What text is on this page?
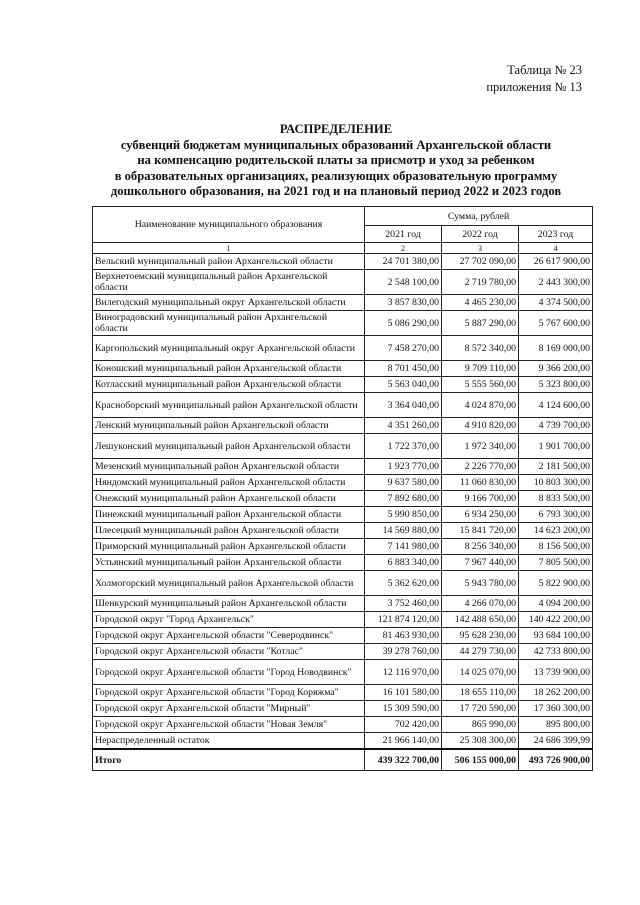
Таблица № 23
приложения № 13
РАСПРЕДЕЛЕНИЕ
субвенций бюджетам муниципальных образований Архангельской области
на компенсацию родительской платы за присмотр и уход за ребенком
в образовательных организациях, реализующих образовательную программу
дошкольного образования, на 2021 год и на плановый период 2022 и 2023 годов
Наименование муниципального образования	Сумма, рублей		
	2021 год	2022 год	2023 год
1	2	3	4
Вельский муниципальный район Архангельской области	24 701 380,00	27 702 090,00	26 617 900,00
Верхнетоемский муниципальный район Архангельской области	2 548 100,00	2 719 780,00	2 443 300,00
Вилегодский муниципальный округ Архангельской области	3 857 830,00	4 465 230,00	4 374 500,00
Виноградовский муниципальный район Архангельской области	5 086 290,00	5 887 290,00	5 767 600,00
Каргопольский муниципальный округ Архангельской области	7 458 270,00	8 572 340,00	8 169 000,00
Коношский муниципальный район Архангельской области	8 701 450,00	9 709 110,00	9 366 200,00
Котласский муниципальный район Архангельской области	5 563 040,00	5 555 560,00	5 323 800,00
Красноборский муниципальный район Архангельской области	3 364 040,00	4 024 870,00	4 124 600,00
Ленский муниципальный район Архангельской области	4 351 260,00	4 910 820,00	4 739 700,00
Лешуконский муниципальный район Архангельской области	1 722 370,00	1 972 340,00	1 901 700,00
Мезенский муниципальный район Архангельской области	1 923 770,00	2 226 770,00	2 181 500,00
Няндомский муниципальный район Архангельской области	9 637 580,00	11 060 830,00	10 803 300,00
Онежский муниципальный район Архангельской области	7 892 680,00	9 166 700,00	8 833 500,00
Пинежский муниципальный район Архангельской области	5 990 850,00	6 934 250,00	6 793 300,00
Плесецкий муниципальный район Архангельской области	14 569 880,00	15 841 720,00	14 623 200,00
Приморский муниципальный район Архангельской области	7 141 980,00	8 256 340,00	8 156 500,00
Устьянский муниципальный район Архангельской области	6 883 340,00	7 967 440,00	7 805 500,00
Холмогорский муниципальный район Архангельской области	5 362 620,00	5 943 780,00	5 822 900,00
Шенкурский муниципальный район Архангельской области	3 752 460,00	4 266 070,00	4 094 200,00
Городской округ "Город Архангельск"	121 874 120,00	142 488 650,00	140 422 200,00
Городской округ Архангельской области "Северодвинск"	81 463 930,00	95 628 230,00	93 684 100,00
Городской округ Архангельской области "Котлас"	39 278 760,00	44 279 730,00	42 733 800,00
Городской округ Архангельской области "Город Новодвинск"	12 116 970,00	14 025 070,00	13 739 900,00
Городской округ Архангельской области "Город Коряжма"	16 101 580,00	18 655 110,00	18 262 200,00
Городской округ Архангельской области "Мирный"	15 309 590,00	17 720 590,00	17 360 300,00
Городской округ Архангельской области "Новая Земля"	702 420,00	865 990,00	895 800,00
Нераспределенный остаток	21 966 140,00	25 308 300,00	24 686 399,99
Итого	439 322 700,00	506 155 000,00	493 726 900,00
